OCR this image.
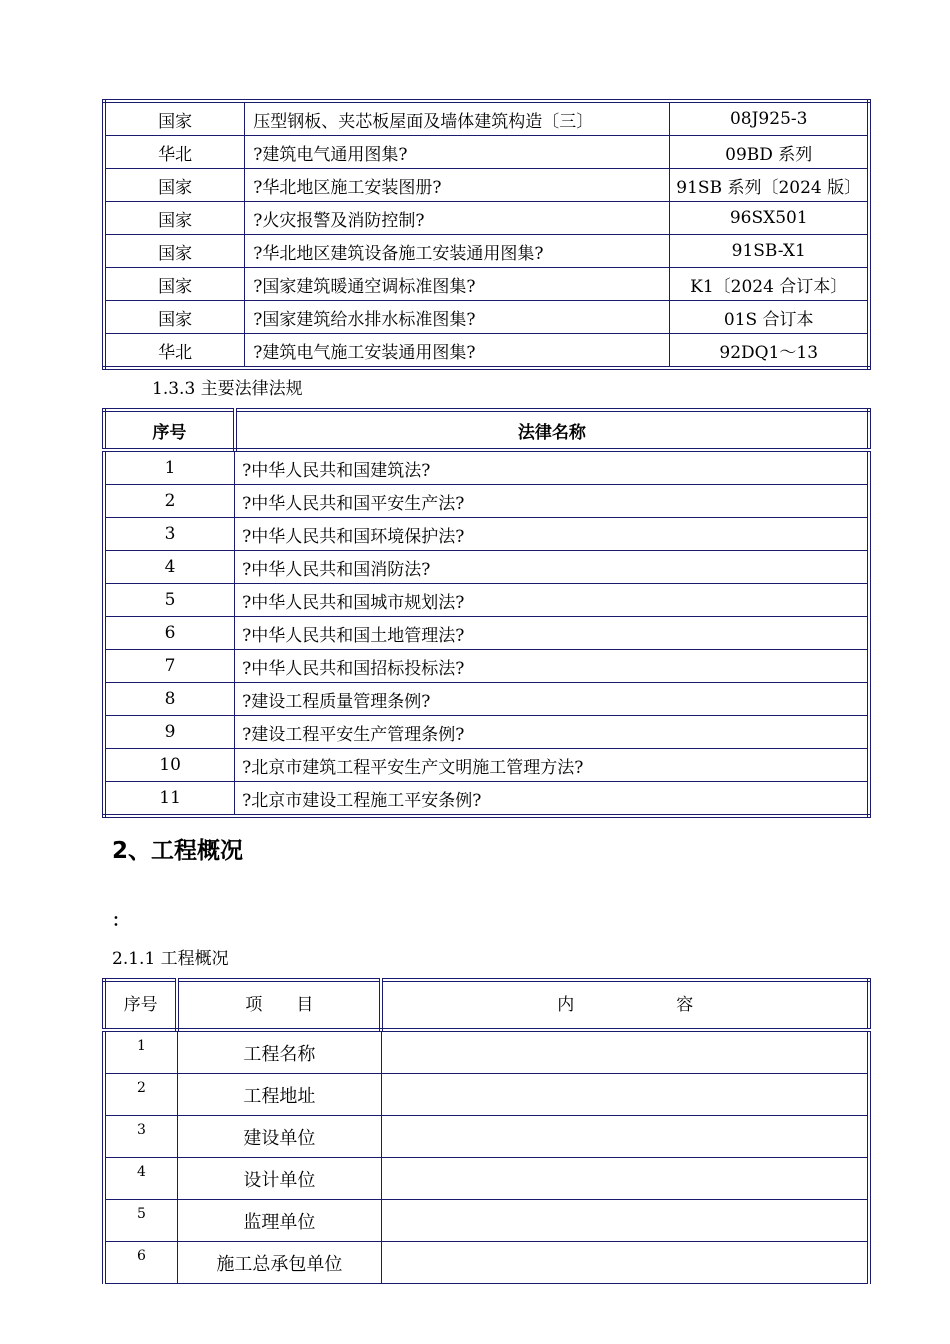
国家	压型钢板、夹芯板屋面及墙体建筑构造〔三〕	08J925-3
华北	?建筑电气通用图集?	09BD 系列
国家	?华北地区施工安装图册?	91SB 系列〔2024 版〕
国家	?火灾报警及消防控制?	96SX501
国家	?华北地区建筑设备施工安装通用图集?	91SB-X1
国家	?国家建筑暖通空调标准图集?	K1〔2024 合订本〕
国家	?国家建筑给水排水标准图集?	01S 合订本
华北	?建筑电气施工安装通用图集?	92DQ1～13
1.3.3 主要法律法规
序号	法律名称
1	?中华人民共和国建筑法?
2	?中华人民共和国平安生产法?
3	?中华人民共和国环境保护法?
4	?中华人民共和国消防法?
5	?中华人民共和国城市规划法?
6	?中华人民共和国土地管理法?
7	?中华人民共和国招标投标法?
8	?建设工程质量管理条例?
9	?建设工程平安生产管理条例?
10	?北京市建筑工程平安生产文明施工管理方法?
11	?北京市建设工程施工平安条例?
2、工程概况
：
2.1.1 工程概况
序号	项　　目	内　　　　　　容
1	工程名称	
2	工程地址	
3	建设单位	
4	设计单位	
5	监理单位	
6	施工总承包单位	
